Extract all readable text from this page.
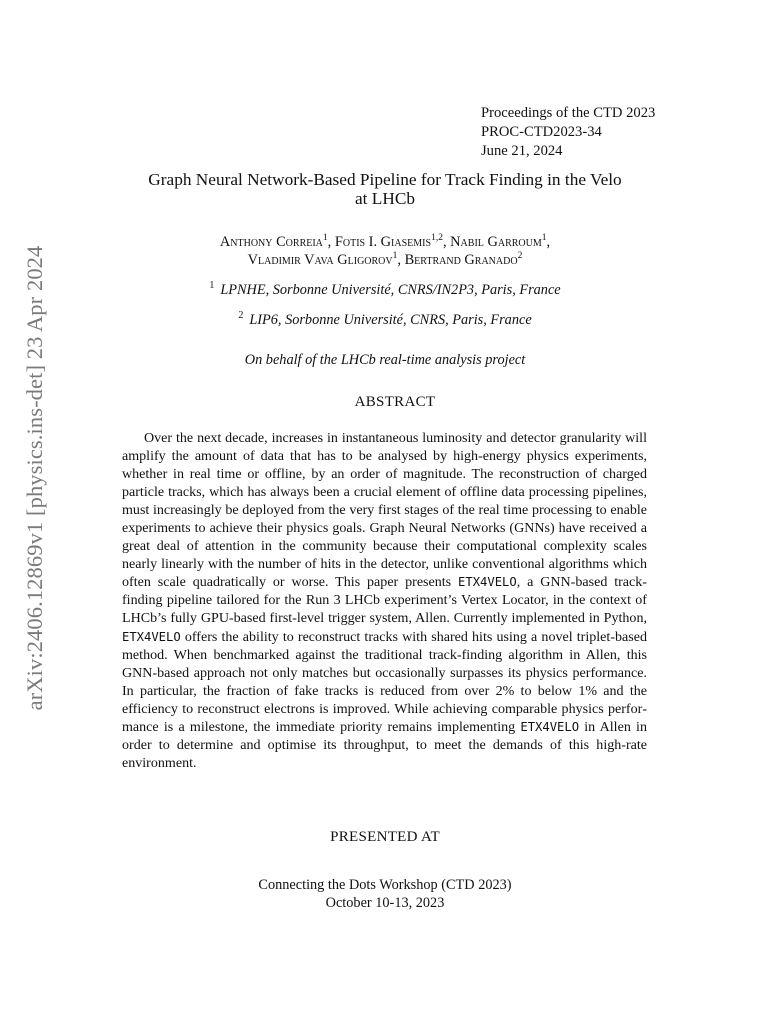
arXiv:2406.12869v1 [physics.ins-det] 23 Apr 2024
Proceedings of the CTD 2023
PROC-CTD2023-34
June 21, 2024
Graph Neural Network-Based Pipeline for Track Finding in the Velo
at LHCb
Anthony Correia$^1$, Fotis I. Giasemis$^{1,2}$, Nabil Garroum$^1$,
Vladimir Vava Gligorov$^1$, Bertrand Granado$^2$
$^1$ LPNHE, Sorbonne Université, CNRS/IN2P3, Paris, France
$^2$ LIP6, Sorbonne Université, CNRS, Paris, France
On behalf of the LHCb real-time analysis project
ABSTRACT

Over the next decade, increases in instantaneous luminosity and detector granularity will amplify the amount of data that has to be analysed by high-energy physics experiments, whether in real time or offline, by an order of magnitude. The reconstruction of charged particle tracks, which has always been a crucial element of offline data processing pipelines, must increasingly be deployed from the very first stages of the real time processing to enable experiments to achieve their physics goals. Graph Neural Networks (GNNs) have received a great deal of attention in the community because their computational complexity scales nearly linearly with the number of hits in the detector, unlike conventional algorithms which often scale quadratically or worse. This paper presents ETX4VELO, a GNN-based track-finding pipeline tailored for the Run 3 LHCb experiment’s Vertex Locator, in the context of LHCb’s fully GPU-based first-level trigger system, Allen. Currently implemented in Python, ETX4VELO offers the ability to reconstruct tracks with shared hits using a novel triplet-based method. When benchmarked against the traditional track-finding algorithm in Allen, this GNN-based approach not only matches but occasionally surpasses its physics performance. In particular, the fraction of fake tracks is reduced from over 2% to below 1% and the efficiency to reconstruct electrons is improved. While achieving comparable physics performance is a milestone, the immediate priority remains implementing ETX4VELO in Allen in order to determine and optimise its throughput, to meet the demands of this high-rate environment.

PRESENTED AT
Connecting the Dots Workshop (CTD 2023)
October 10-13, 2023
